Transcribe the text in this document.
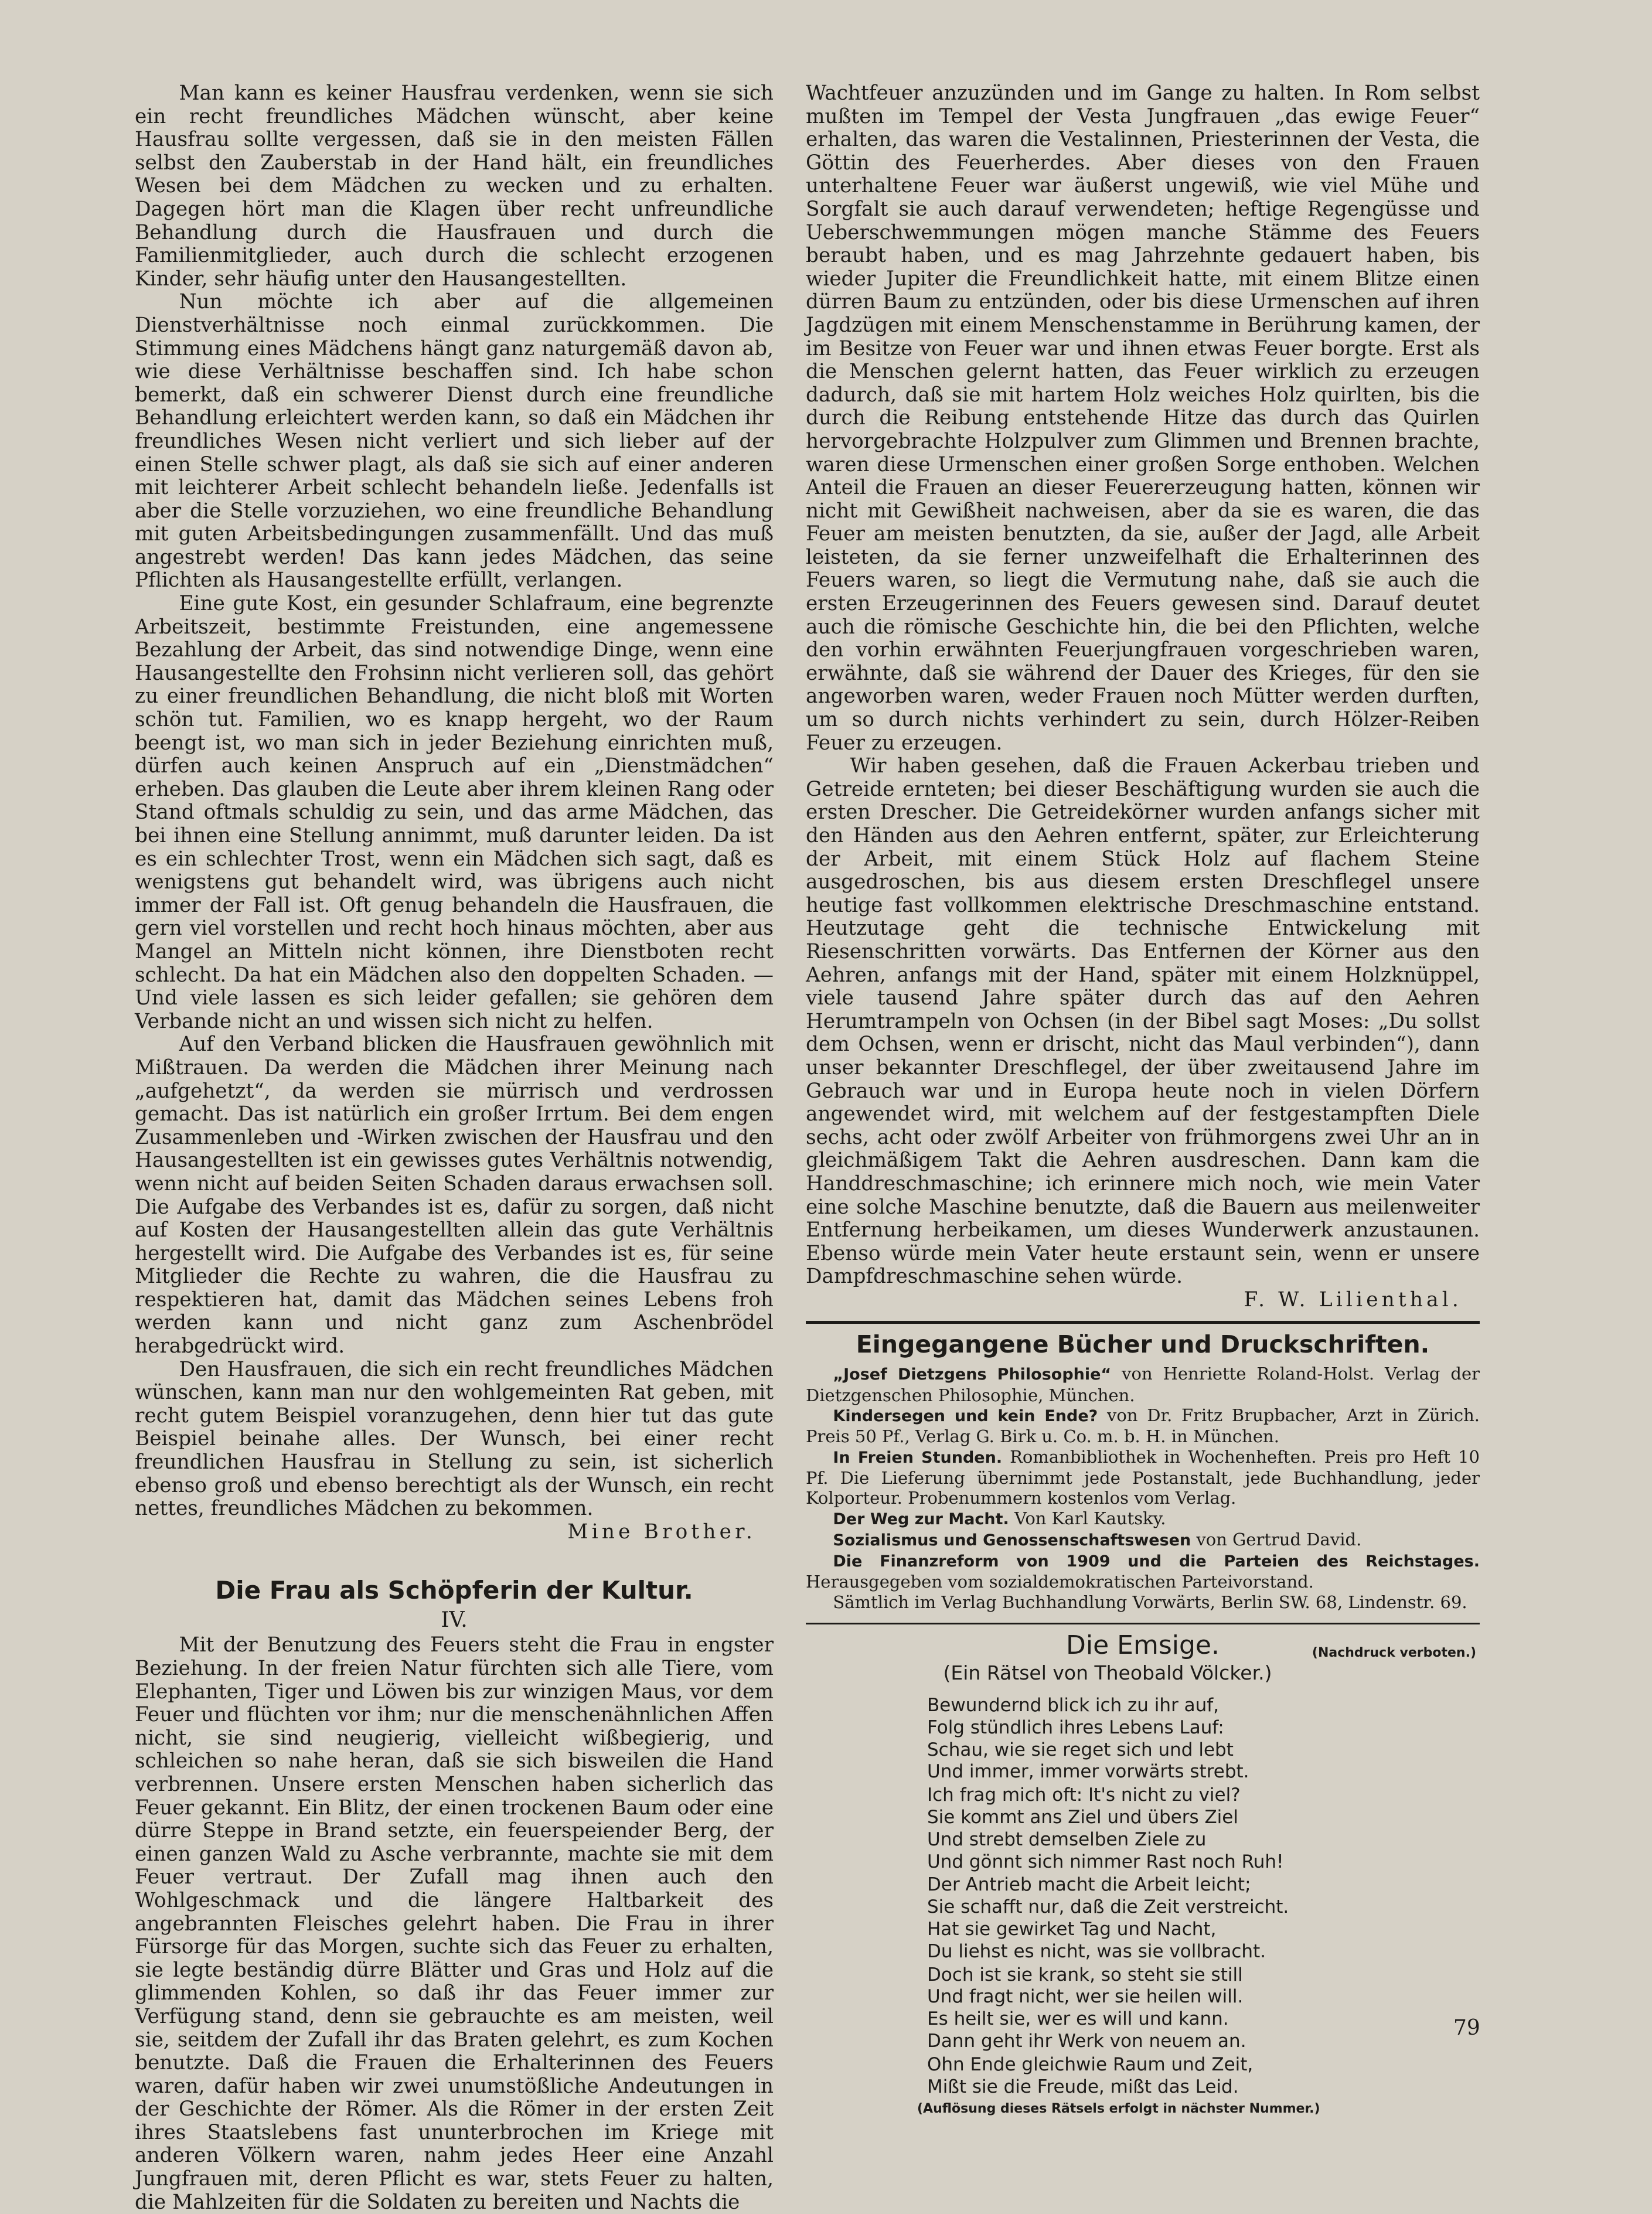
Man kann es keiner Hausfrau verdenken, wenn sie sich ein recht freundliches Mädchen wünscht, aber keine Hausfrau sollte vergessen, daß sie in den meisten Fällen selbst den Zauberstab in der Hand hält, ein freundliches Wesen bei dem Mädchen zu wecken und zu erhalten. Dagegen hört man die Klagen über recht unfreundliche Behandlung durch die Hausfrauen und durch die Familienmitglieder, auch durch die schlecht erzogenen Kinder, sehr häufig unter den Hausangestellten.

Nun möchte ich aber auf die allgemeinen Dienstverhältnisse noch einmal zurückkommen. Die Stimmung eines Mädchens hängt ganz naturgemäß davon ab, wie diese Verhältnisse beschaffen sind. Ich habe schon bemerkt, daß ein schwerer Dienst durch eine freundliche Behandlung erleichtert werden kann, so daß ein Mädchen ihr freundliches Wesen nicht verliert und sich lieber auf der einen Stelle schwer plagt, als daß sie sich auf einer anderen mit leichterer Arbeit schlecht behandeln ließe. Jedenfalls ist aber die Stelle vorzuziehen, wo eine freundliche Behandlung mit guten Arbeitsbedingungen zusammenfällt. Und das muß angestrebt werden! Das kann jedes Mädchen, das seine Pflichten als Hausangestellte erfüllt, verlangen.

Eine gute Kost, ein gesunder Schlafraum, eine begrenzte Arbeitszeit, bestimmte Freistunden, eine angemessene Bezahlung der Arbeit, das sind notwendige Dinge, wenn eine Hausangestellte den Frohsinn nicht verlieren soll, das gehört zu einer freundlichen Behandlung, die nicht bloß mit Worten schön tut. Familien, wo es knapp hergeht, wo der Raum beengt ist, wo man sich in jeder Beziehung einrichten muß, dürfen auch keinen Anspruch auf ein „Dienstmädchen“ erheben. Das glauben die Leute aber ihrem kleinen Rang oder Stand oftmals schuldig zu sein, und das arme Mädchen, das bei ihnen eine Stellung annimmt, muß darunter leiden. Da ist es ein schlechter Trost, wenn ein Mädchen sich sagt, daß es wenigstens gut behandelt wird, was übrigens auch nicht immer der Fall ist. Oft genug behandeln die Hausfrauen, die gern viel vorstellen und recht hoch hinaus möchten, aber aus Mangel an Mitteln nicht können, ihre Dienstboten recht schlecht. Da hat ein Mädchen also den doppelten Schaden. — Und viele lassen es sich leider gefallen; sie gehören dem Verbande nicht an und wissen sich nicht zu helfen.

Auf den Verband blicken die Hausfrauen gewöhnlich mit Mißtrauen. Da werden die Mädchen ihrer Meinung nach „aufgehetzt“, da werden sie mürrisch und verdrossen gemacht. Das ist natürlich ein großer Irrtum. Bei dem engen Zusammenleben und -Wirken zwischen der Hausfrau und den Hausangestellten ist ein gewisses gutes Verhältnis notwendig, wenn nicht auf beiden Seiten Schaden daraus erwachsen soll. Die Aufgabe des Verbandes ist es, dafür zu sorgen, daß nicht auf Kosten der Hausangestellten allein das gute Verhältnis hergestellt wird. Die Aufgabe des Verbandes ist es, für seine Mitglieder die Rechte zu wahren, die die Hausfrau zu respektieren hat, damit das Mädchen seines Lebens froh werden kann und nicht ganz zum Aschenbrödel herabgedrückt wird.

Den Hausfrauen, die sich ein recht freundliches Mädchen wünschen, kann man nur den wohlgemeinten Rat geben, mit recht gutem Beispiel voranzugehen, denn hier tut das gute Beispiel beinahe alles. Der Wunsch, bei einer recht freundlichen Hausfrau in Stellung zu sein, ist sicherlich ebenso groß und ebenso berechtigt als der Wunsch, ein recht nettes, freundliches Mädchen zu bekommen.

Mine Brother.

Die Frau als Schöpferin der Kultur.
IV.

Mit der Benutzung des Feuers steht die Frau in engster Beziehung. In der freien Natur fürchten sich alle Tiere, vom Elephanten, Tiger und Löwen bis zur winzigen Maus, vor dem Feuer und flüchten vor ihm; nur die menschenähnlichen Affen nicht, sie sind neugierig, vielleicht wißbegierig, und schleichen so nahe heran, daß sie sich bisweilen die Hand verbrennen. Unsere ersten Menschen haben sicherlich das Feuer gekannt. Ein Blitz, der einen trockenen Baum oder eine dürre Steppe in Brand setzte, ein feuerspeiender Berg, der einen ganzen Wald zu Asche verbrannte, machte sie mit dem Feuer vertraut. Der Zufall mag ihnen auch den Wohlgeschmack und die längere Haltbarkeit des angebrannten Fleisches gelehrt haben. Die Frau in ihrer Fürsorge für das Morgen, suchte sich das Feuer zu erhalten, sie legte beständig dürre Blätter und Gras und Holz auf die glimmenden Kohlen, so daß ihr das Feuer immer zur Verfügung stand, denn sie gebrauchte es am meisten, weil sie, seitdem der Zufall ihr das Braten gelehrt, es zum Kochen benutzte. Daß die Frauen die Erhalterinnen des Feuers waren, dafür haben wir zwei unumstößliche Andeutungen in der Geschichte der Römer. Als die Römer in der ersten Zeit ihres Staatslebens fast ununterbrochen im Kriege mit anderen Völkern waren, nahm jedes Heer eine Anzahl Jungfrauen mit, deren Pflicht es war, stets Feuer zu halten, die Mahlzeiten für die Soldaten zu bereiten und Nachts die

Wachtfeuer anzuzünden und im Gange zu halten. In Rom selbst mußten im Tempel der Vesta Jungfrauen „das ewige Feuer“ erhalten, das waren die Vestalinnen, Priesterinnen der Vesta, die Göttin des Feuerherdes. Aber dieses von den Frauen unterhaltene Feuer war äußerst ungewiß, wie viel Mühe und Sorgfalt sie auch darauf verwendeten; heftige Regengüsse und Ueberschwemmungen mögen manche Stämme des Feuers beraubt haben, und es mag Jahrzehnte gedauert haben, bis wieder Jupiter die Freundlichkeit hatte, mit einem Blitze einen dürren Baum zu entzünden, oder bis diese Urmenschen auf ihren Jagdzügen mit einem Menschenstamme in Berührung kamen, der im Besitze von Feuer war und ihnen etwas Feuer borgte. Erst als die Menschen gelernt hatten, das Feuer wirklich zu erzeugen dadurch, daß sie mit hartem Holz weiches Holz quirlten, bis die durch die Reibung entstehende Hitze das durch das Quirlen hervorgebrachte Holzpulver zum Glimmen und Brennen brachte, waren diese Urmenschen einer großen Sorge enthoben. Welchen Anteil die Frauen an dieser Feuererzeugung hatten, können wir nicht mit Gewißheit nachweisen, aber da sie es waren, die das Feuer am meisten benutzten, da sie, außer der Jagd, alle Arbeit leisteten, da sie ferner unzweifelhaft die Erhalterinnen des Feuers waren, so liegt die Vermutung nahe, daß sie auch die ersten Erzeugerinnen des Feuers gewesen sind. Darauf deutet auch die römische Geschichte hin, die bei den Pflichten, welche den vorhin erwähnten Feuerjungfrauen vorgeschrieben waren, erwähnte, daß sie während der Dauer des Krieges, für den sie angeworben waren, weder Frauen noch Mütter werden durften, um so durch nichts verhindert zu sein, durch Hölzer-Reiben Feuer zu erzeugen.

Wir haben gesehen, daß die Frauen Ackerbau trieben und Getreide ernteten; bei dieser Beschäftigung wurden sie auch die ersten Drescher. Die Getreidekörner wurden anfangs sicher mit den Händen aus den Aehren entfernt, später, zur Erleichterung der Arbeit, mit einem Stück Holz auf flachem Steine ausgedroschen, bis aus diesem ersten Dreschflegel unsere heutige fast vollkommen elektrische Dreschmaschine entstand. Heutzutage geht die technische Entwickelung mit Riesenschritten vorwärts. Das Entfernen der Körner aus den Aehren, anfangs mit der Hand, später mit einem Holzknüppel, viele tausend Jahre später durch das auf den Aehren Herumtrampeln von Ochsen (in der Bibel sagt Moses: „Du sollst dem Ochsen, wenn er drischt, nicht das Maul verbinden“), dann unser bekannter Dreschflegel, der über zweitausend Jahre im Gebrauch war und in Europa heute noch in vielen Dörfern angewendet wird, mit welchem auf der festgestampften Diele sechs, acht oder zwölf Arbeiter von frühmorgens zwei Uhr an in gleichmäßigem Takt die Aehren ausdreschen. Dann kam die Handdreschmaschine; ich erinnere mich noch, wie mein Vater eine solche Maschine benutzte, daß die Bauern aus meilenweiter Entfernung herbeikamen, um dieses Wunderwerk anzustaunen. Ebenso würde mein Vater heute erstaunt sein, wenn er unsere Dampfdreschmaschine sehen würde.

F. W. Lilienthal.

Eingegangene Bücher und Druckschriften.

„Josef Dietzgens Philosophie“ von Henriette Roland-Holst. Verlag der Dietzgenschen Philosophie, München.

Kindersegen und kein Ende? von Dr. Fritz Brupbacher, Arzt in Zürich. Preis 50 Pf., Verlag G. Birk u. Co. m. b. H. in München.

In Freien Stunden. Romanbibliothek in Wochenheften. Preis pro Heft 10 Pf. Die Lieferung übernimmt jede Postanstalt, jede Buchhandlung, jeder Kolporteur. Probenummern kostenlos vom Verlag.

Der Weg zur Macht. Von Karl Kautsky.

Sozialismus und Genossenschaftswesen von Gertrud David.

Die Finanzreform von 1909 und die Parteien des Reichstages. Herausgegeben vom sozialdemokratischen Parteivorstand.

Sämtlich im Verlag Buchhandlung Vorwärts, Berlin SW. 68, Lindenstr. 69.

Die Emsige.	(Nachdruck verboten.)
(Ein Rätsel von Theobald Völcker.)
Bewundernd blick ich zu ihr auf,
Folg stündlich ihres Lebens Lauf:
Schau, wie sie reget sich und lebt
Und immer, immer vorwärts strebt.
Ich frag mich oft: It's nicht zu viel?
Sie kommt ans Ziel und übers Ziel
Und strebt demselben Ziele zu
Und gönnt sich nimmer Rast noch Ruh!
Der Antrieb macht die Arbeit leicht;
Sie schafft nur, daß die Zeit verstreicht.
Hat sie gewirket Tag und Nacht,
Du liehst es nicht, was sie vollbracht.
Doch ist sie krank, so steht sie still
Und fragt nicht, wer sie heilen will.
Es heilt sie, wer es will und kann.
Dann geht ihr Werk von neuem an.
Ohn Ende gleichwie Raum und Zeit,
Mißt sie die Freude, mißt das Leid.
(Auflösung dieses Rätsels erfolgt in nächster Nummer.)
79
